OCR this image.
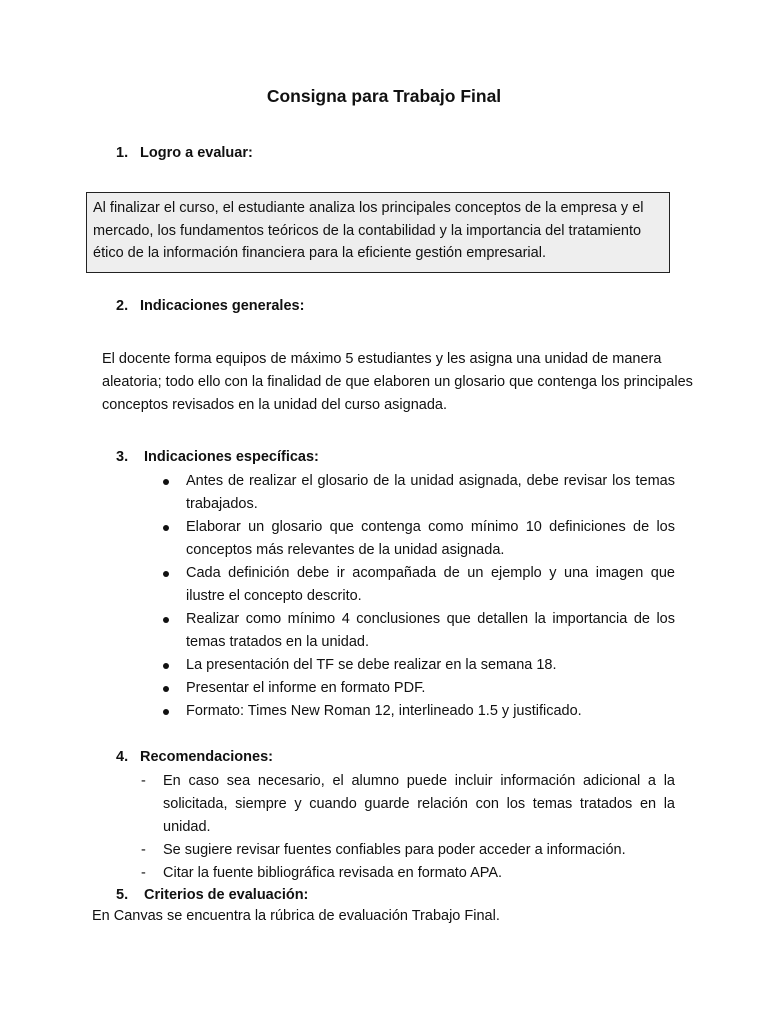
Consigna para Trabajo Final
1. Logro a evaluar:
Al finalizar el curso, el estudiante analiza los principales conceptos de la empresa y el mercado, los fundamentos teóricos de la contabilidad y la importancia del tratamiento ético de la información financiera para la eficiente gestión empresarial.
2. Indicaciones generales:
El docente forma equipos de máximo 5 estudiantes y les asigna una unidad de manera aleatoria; todo ello con la finalidad de que elaboren un glosario que contenga los principales conceptos revisados en la unidad del curso asignada.
3. Indicaciones específicas:
Antes de realizar el glosario de la unidad asignada, debe revisar los temas trabajados.
Elaborar un glosario que contenga como mínimo 10 definiciones de los conceptos más relevantes de la unidad asignada.
Cada definición debe ir acompañada de un ejemplo y una imagen que ilustre el concepto descrito.
Realizar como mínimo 4 conclusiones que detallen la importancia de los temas tratados en la unidad.
La presentación del TF se debe realizar en la semana 18.
Presentar el informe en formato PDF.
Formato: Times New Roman 12, interlineado 1.5 y justificado.
4. Recomendaciones:
- En caso sea necesario, el alumno puede incluir información adicional a la solicitada, siempre y cuando guarde relación con los temas tratados en la unidad.
- Se sugiere revisar fuentes confiables para poder acceder a información.
- Citar la fuente bibliográfica revisada en formato APA.
5. Criterios de evaluación:
En Canvas se encuentra la rúbrica de evaluación Trabajo Final.
